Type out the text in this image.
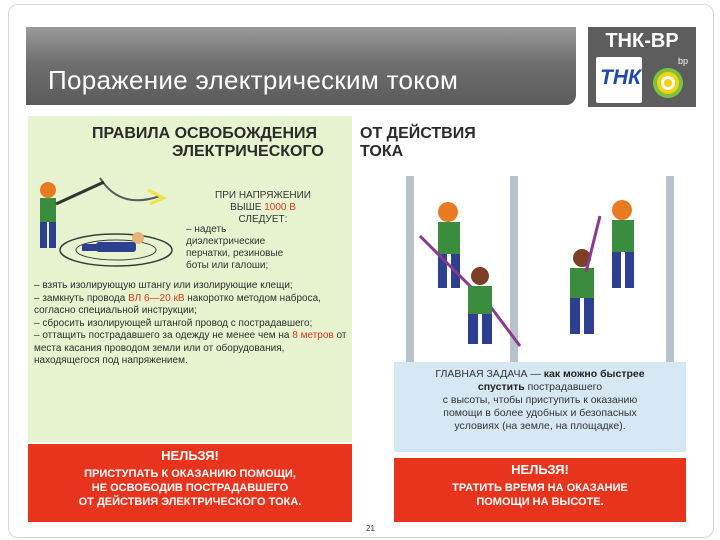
Поражение электрическим током
ТНК-ВР
ТНК
bp
ПРАВИЛА ОСВОБОЖДЕНИЯ
ЭЛЕКТРИЧЕСКОГО
ОТ ДЕЙСТВИЯ
ТОКА
ПРИ НАПРЯЖЕНИИ
ВЫШЕ 1000 В
СЛЕДУЕТ:
– надеть
диэлектрические
перчатки, резиновые
боты или галоши;

– взять изолирующую штангу или изолирующие клещи;

– замкнуть провода ВЛ 6—20 кВ накоротко методом наброса, согласно специальной инструкции;

– сбросить изолирующей штангой провод с пострадавшего;

– оттащить пострадавшего за одежду не менее чем на 8 метров от места касания проводом земли или от оборудования, находящегося под напряжением.

НЕЛЬЗЯ!
ПРИСТУПАТЬ К ОКАЗАНИЮ ПОМОЩИ,
НЕ ОСВОБОДИВ ПОСТРАДАВШЕГО
ОТ ДЕЙСТВИЯ ЭЛЕКТРИЧЕСКОГО ТОКА.
ГЛАВНАЯ ЗАДАЧА — как можно быстрее
спустить пострадавшего
с высоты, чтобы приступить к оказанию
помощи в более удобных и безопасных
условиях (на земле, на площадке).
НЕЛЬЗЯ!
ТРАТИТЬ ВРЕМЯ НА ОКАЗАНИЕ
ПОМОЩИ НА ВЫСОТЕ.
21
